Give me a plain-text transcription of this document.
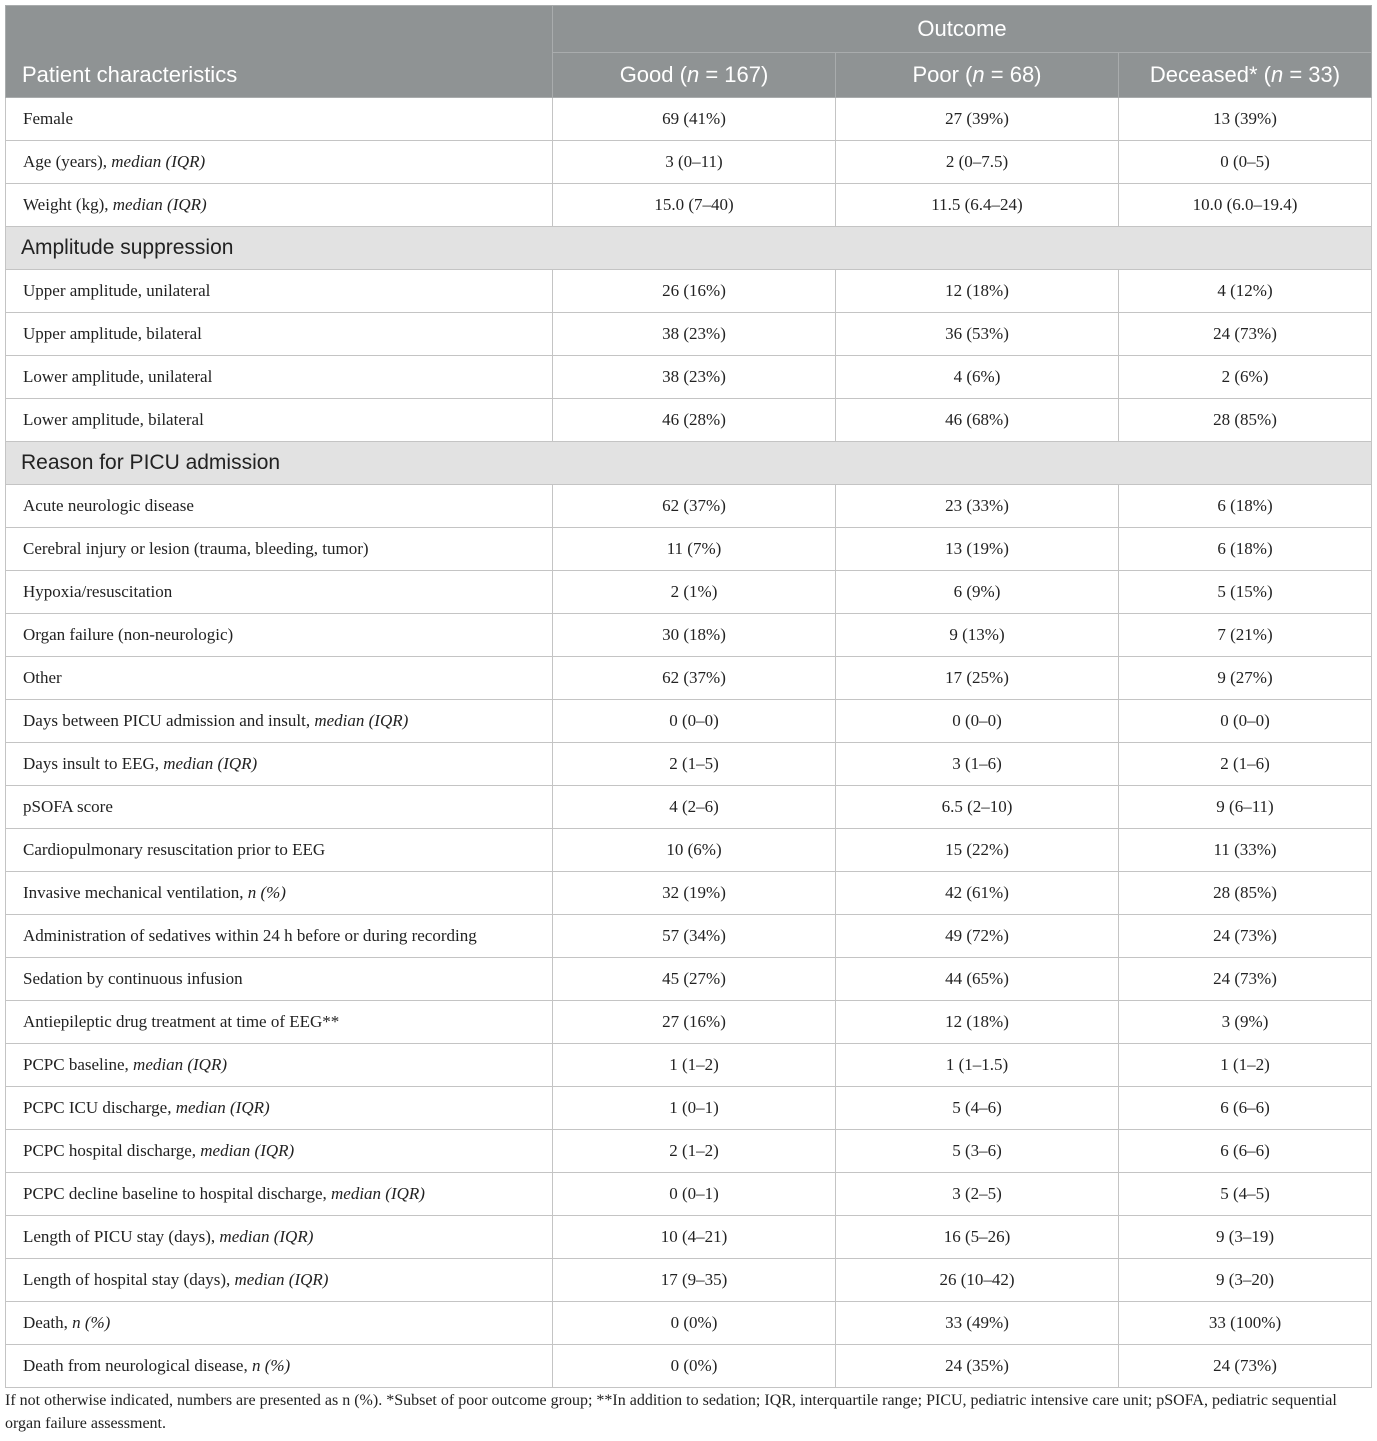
Patient characteristics	Outcome		
	Good (n = 167)	Poor (n = 68)	Deceased* (n = 33)
Female	69 (41%)	27 (39%)	13 (39%)
Age (years), median (IQR)	3 (0–11)	2 (0–7.5)	0 (0–5)
Weight (kg), median (IQR)	15.0 (7–40)	11.5 (6.4–24)	10.0 (6.0–19.4)
Amplitude suppression			
Upper amplitude, unilateral	26 (16%)	12 (18%)	4 (12%)
Upper amplitude, bilateral	38 (23%)	36 (53%)	24 (73%)
Lower amplitude, unilateral	38 (23%)	4 (6%)	2 (6%)
Lower amplitude, bilateral	46 (28%)	46 (68%)	28 (85%)
Reason for PICU admission			
Acute neurologic disease	62 (37%)	23 (33%)	6 (18%)
Cerebral injury or lesion (trauma, bleeding, tumor)	11 (7%)	13 (19%)	6 (18%)
Hypoxia/resuscitation	2 (1%)	6 (9%)	5 (15%)
Organ failure (non-neurologic)	30 (18%)	9 (13%)	7 (21%)
Other	62 (37%)	17 (25%)	9 (27%)
Days between PICU admission and insult, median (IQR)	0 (0–0)	0 (0–0)	0 (0–0)
Days insult to EEG, median (IQR)	2 (1–5)	3 (1–6)	2 (1–6)
pSOFA score	4 (2–6)	6.5 (2–10)	9 (6–11)
Cardiopulmonary resuscitation prior to EEG	10 (6%)	15 (22%)	11 (33%)
Invasive mechanical ventilation, n (%)	32 (19%)	42 (61%)	28 (85%)
Administration of sedatives within 24 h before or during recording	57 (34%)	49 (72%)	24 (73%)
Sedation by continuous infusion	45 (27%)	44 (65%)	24 (73%)
Antiepileptic drug treatment at time of EEG**	27 (16%)	12 (18%)	3 (9%)
PCPC baseline, median (IQR)	1 (1–2)	1 (1–1.5)	1 (1–2)
PCPC ICU discharge, median (IQR)	1 (0–1)	5 (4–6)	6 (6–6)
PCPC hospital discharge, median (IQR)	2 (1–2)	5 (3–6)	6 (6–6)
PCPC decline baseline to hospital discharge, median (IQR)	0 (0–1)	3 (2–5)	5 (4–5)
Length of PICU stay (days), median (IQR)	10 (4–21)	16 (5–26)	9 (3–19)
Length of hospital stay (days), median (IQR)	17 (9–35)	26 (10–42)	9 (3–20)
Death, n (%)	0 (0%)	33 (49%)	33 (100%)
Death from neurological disease, n (%)	0 (0%)	24 (35%)	24 (73%)
If not otherwise indicated, numbers are presented as n (%). *Subset of poor outcome group; **In addition to sedation; IQR, interquartile range; PICU, pediatric intensive care unit; pSOFA, pediatric sequential organ failure assessment.
